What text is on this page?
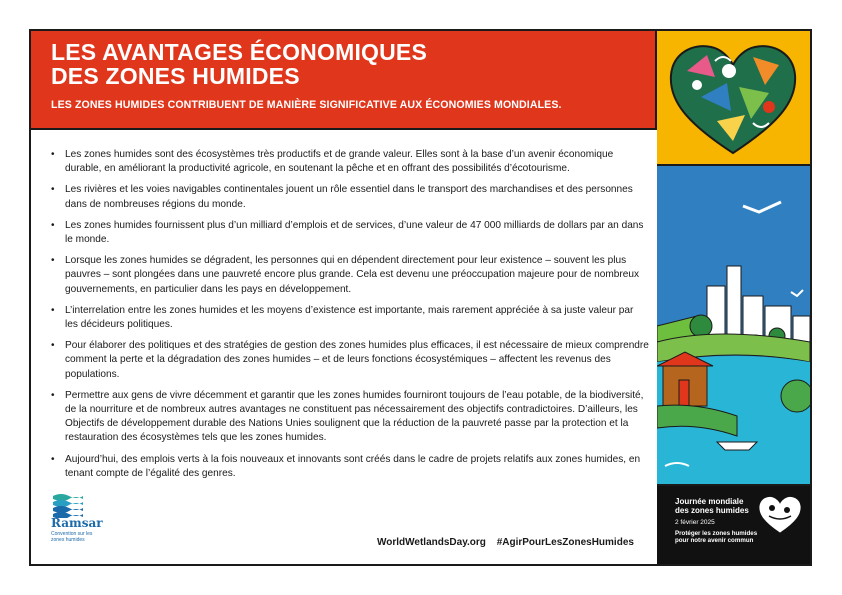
LES AVANTAGES ÉCONOMIQUES
DES ZONES HUMIDES
LES ZONES HUMIDES CONTRIBUENT DE MANIÈRE SIGNIFICATIVE AUX ÉCONOMIES MONDIALES.
• Les zones humides sont des écosystèmes très productifs et de grande valeur. Elles sont à la base d’un avenir économique durable, en améliorant la productivité agricole, en soutenant la pêche et en offrant des possibilités d’écotourisme.
• Les rivières et les voies navigables continentales jouent un rôle essentiel dans le transport des marchandises et des personnes dans de nombreuses régions du monde.
• Les zones humides fournissent plus d’un milliard d’emplois et de services, d’une valeur de 47 000 milliards de dollars par an dans le monde.
• Lorsque les zones humides se dégradent, les personnes qui en dépendent directement pour leur existence – souvent les plus pauvres – sont plongées dans une pauvreté encore plus grande. Cela est devenu une préoccupation majeure pour de nombreux gouvernements, en particulier dans les pays en développement.
• L’interrelation entre les zones humides et les moyens d’existence est importante, mais rarement appréciée à sa juste valeur par les décideurs politiques.
• Pour élaborer des politiques et des stratégies de gestion des zones humides plus efficaces, il est nécessaire de mieux comprendre comment la perte et la dégradation des zones humides – et de leurs fonctions écosystémiques – affectent les revenus des populations.
• Permettre aux gens de vivre décemment et garantir que les zones humides fourniront toujours de l’eau potable, de la biodiversité, de la nourriture et de nombreux autres avantages ne constituent pas nécessairement des objectifs contradictoires. D’ailleurs, les Objectifs de développement durable des Nations Unies soulignent que la réduction de la pauvreté passe par la protection et la restauration des écosystèmes tels que les zones humides.
• Aujourd’hui, des emplois verts à la fois nouveaux et innovants sont créés dans le cadre de projets relatifs aux zones humides, en tenant compte de l’égalité des genres.
Ramsar
Convention sur les zones humides	WorldWetlandsDay.org #AgirPourLesZonesHumides
Journée mondiale des zones humides
2 février 2025
Protéger les zones humides pour notre avenir commun
